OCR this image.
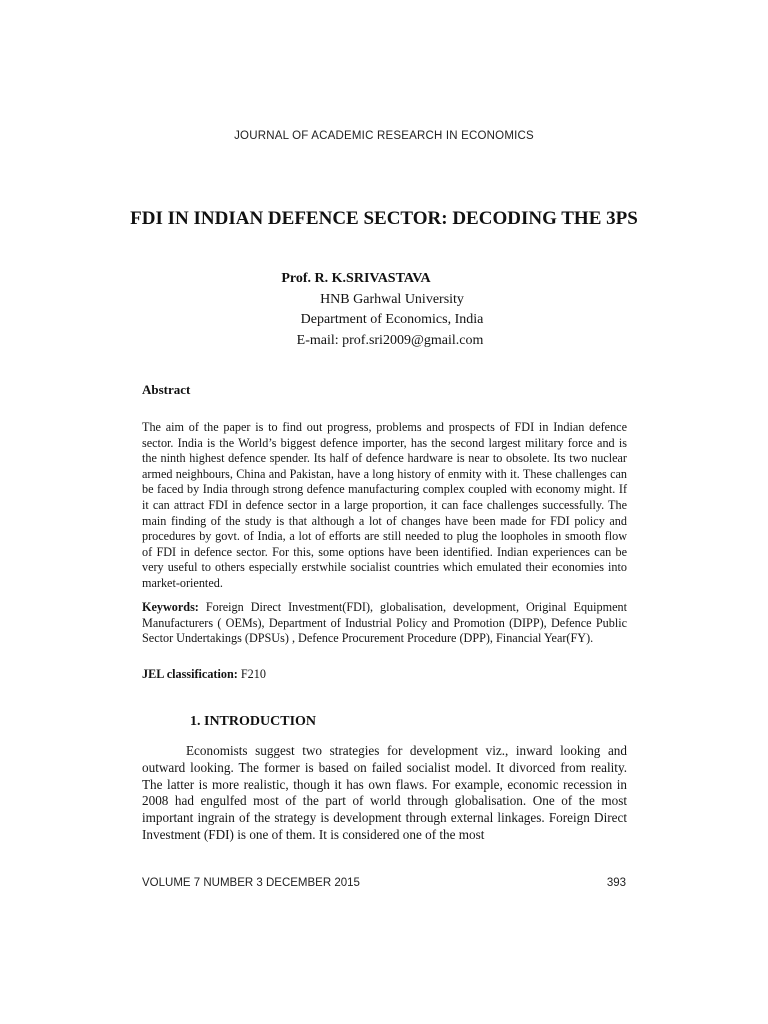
JOURNAL OF ACADEMIC RESEARCH IN ECONOMICS
FDI IN INDIAN DEFENCE SECTOR: DECODING THE 3PS
Prof. R. K.SRIVASTAVA
HNB Garhwal University
Department of Economics, India
E-mail: prof.sri2009@gmail.com
Abstract
The aim of the paper is to find out progress, problems and prospects of FDI in Indian defence sector. India is the World’s biggest defence importer, has the second largest military force and is the ninth highest defence spender. Its half of defence hardware is near to obsolete. Its two nuclear armed neighbours, China and Pakistan, have a long history of enmity with it. These challenges can be faced by India through strong defence manufacturing complex coupled with economy might. If it can attract FDI in defence sector in a large proportion, it can face challenges successfully. The main finding of the study is that although a lot of changes have been made for FDI policy and procedures by govt. of India, a lot of efforts are still needed to plug the loopholes in smooth flow of FDI in defence sector. For this, some options have been identified. Indian experiences can be very useful to others especially erstwhile socialist countries which emulated their economies into market-oriented.
Keywords: Foreign Direct Investment(FDI), globalisation, development, Original Equipment Manufacturers ( OEMs), Department of Industrial Policy and Promotion (DIPP), Defence Public Sector Undertakings (DPSUs) , Defence Procurement Procedure (DPP), Financial Year(FY).
JEL classification: F210
1. INTRODUCTION
Economists suggest two strategies for development viz., inward looking and outward looking. The former is based on failed socialist model. It divorced from reality. The latter is more realistic, though it has own flaws. For example, economic recession in 2008 had engulfed most of the part of world through globalisation. One of the most important ingrain of the strategy is development through external linkages. Foreign Direct Investment (FDI) is one of them. It is considered one of the most
VOLUME 7 NUMBER 3 DECEMBER 2015	393
